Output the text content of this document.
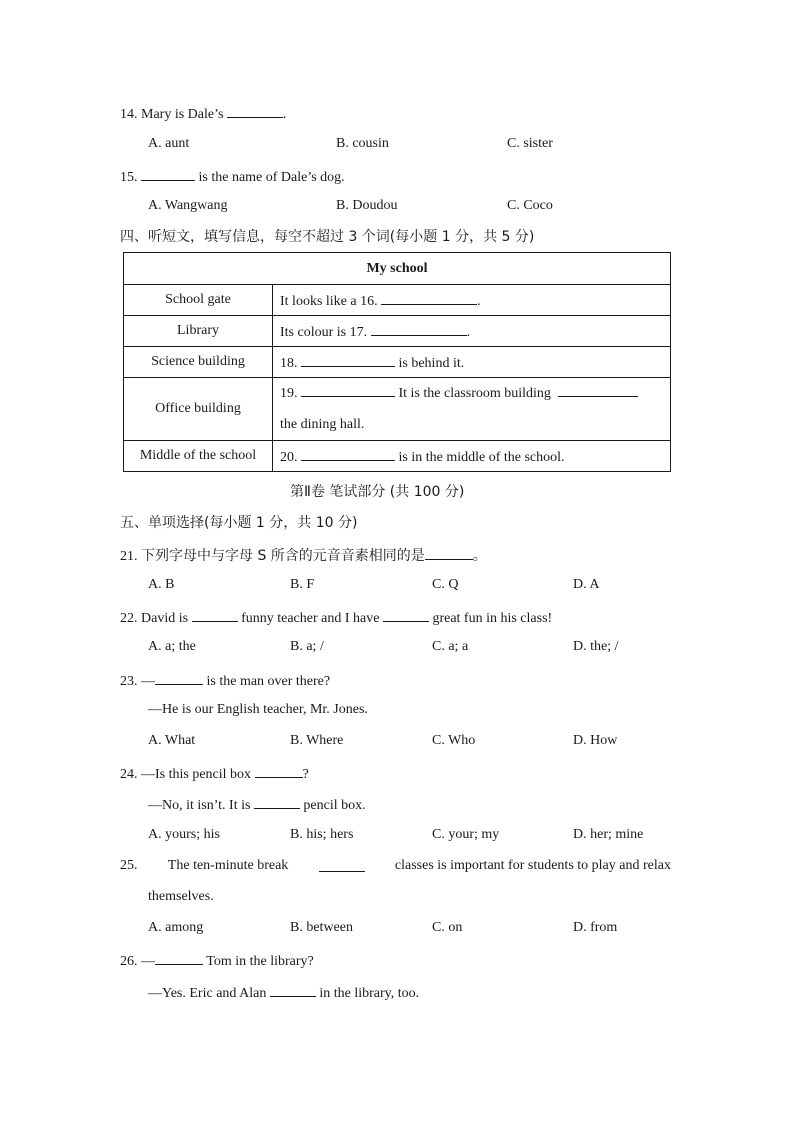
14. Mary is Dale’s	.
A. aunt	B. cousin	C. sister
15.	is the name of Dale’s dog.
A. Wangwang	B. Doudou	C. Coco
四、听短文，填写信息，每空不超过 3 个词(每小题 1 分，共 5 分)
My school	
School gate	It looks like a 16. .
Library	Its colour is 17. .
Science building	18. is behind it.
Office building	19. It is the classroom building
the dining hall.

Middle of the school	20. is in the middle of the school.
第Ⅱ卷 笔试部分 (共 100 分)
五、单项选择(每小题 1 分，共 10 分)
21. 下列字母中与字母 S 所含的元音音素相同的是	。
A. B	B. F	C. Q	D. A
22. David is	funny teacher and I have	great fun in his class!
A. a; the	B. a; /	C. a; a	D. the; /
23. —	is the man over there?
—He is our English teacher, Mr. Jones.
A. What	B. Where	C. Who	D. How
24. —Is this pencil box	?
—No, it isn’t. It is	pencil box.
A. yours; his	B. his; hers	C. your; my	D. her; mine
25. The ten-minute break	classes is important for students to play and relax
themselves.
A. among	B. between	C. on	D. from
26. —	Tom in the library?
—Yes. Eric and Alan	in the library, too.
